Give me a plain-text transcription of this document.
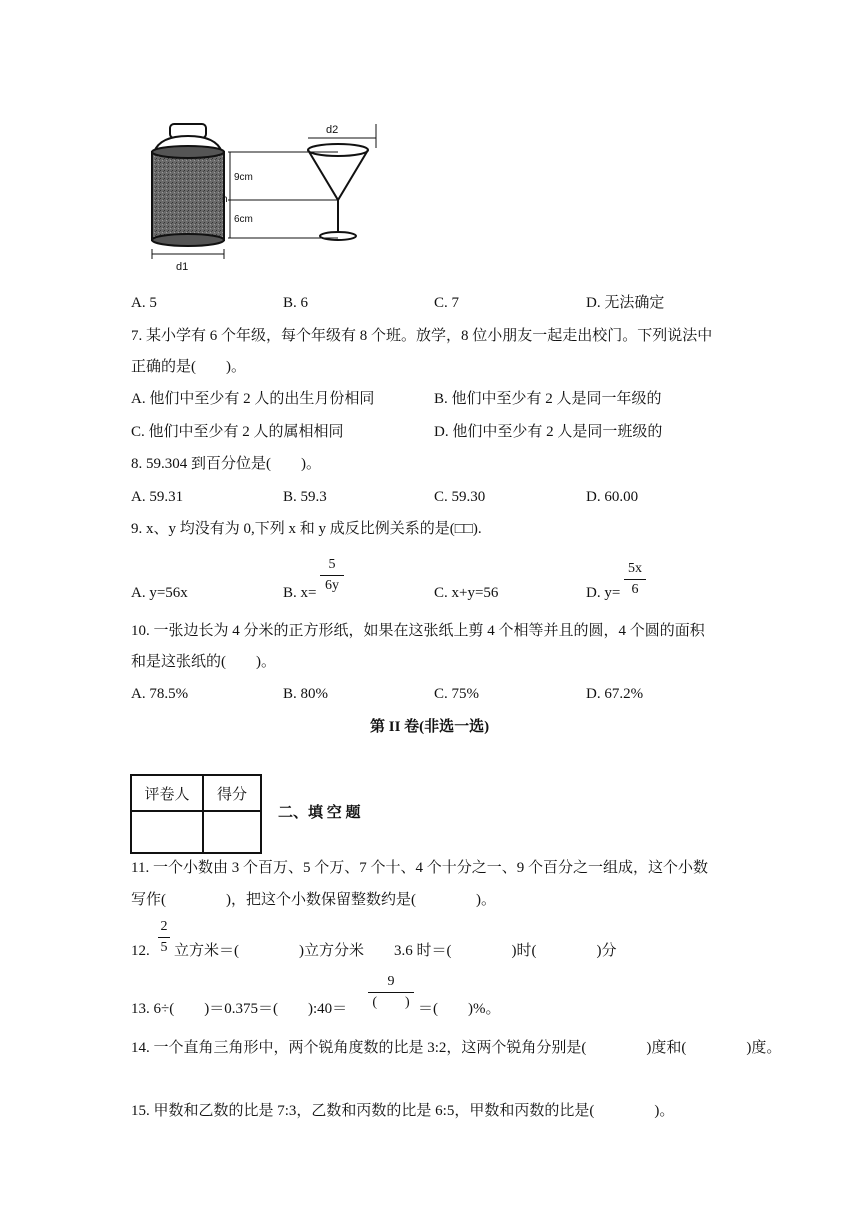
d1
d2
9cm
h
6cm
A. 5	B. 6	C. 7	D. 无法确定
7. 某小学有 6 个年级，每个年级有 8 个班。放学，8 位小朋友一起走出校门。下列说法中
正确的是(　　)。
A. 他们中至少有 2 人的出生月份相同	B. 他们中至少有 2 人是同一年级的
C. 他们中至少有 2 人的属相相同	D. 他们中至少有 2 人是同一班级的
8. 59.304 到百分位是(　　)。
A. 59.31	B. 59.3	C. 59.30	D. 60.00
9. x、y 均没有为 0,下列 x 和 y 成反比例关系的是(□□).
A. y=56x	B. x=
5
6y	C. x+y=56	D. y=
5x
6
10. 一张边长为 4 分米的正方形纸，如果在这张纸上剪 4 个相等并且的圆，4 个圆的面积
和是这张纸的(　　)。
A. 78.5%	B. 80%	C. 75%	D. 67.2%
第 II 卷(非选一选)
评卷人	得分

二、填 空 题
11. 一个小数由 3 个百万、5 个万、7 个十、4 个十分之一、9 个百分之一组成，这个小数
写作(　　　　)，把这个小数保留整数约是(　　　　)。
12.
2
5 立方米＝(　　　　)立方分米　　3.6 时＝(　　　　)时(　　　　)分
13. 6÷(　　)＝0.375＝(　　):40＝
9
(　　) ＝(　　)%。
14. 一个直角三角形中，两个锐角度数的比是 3:2，这两个锐角分别是(　　　　)度和(　　　　)度。
15. 甲数和乙数的比是 7:3，乙数和丙数的比是 6:5，甲数和丙数的比是(　　　　)。
